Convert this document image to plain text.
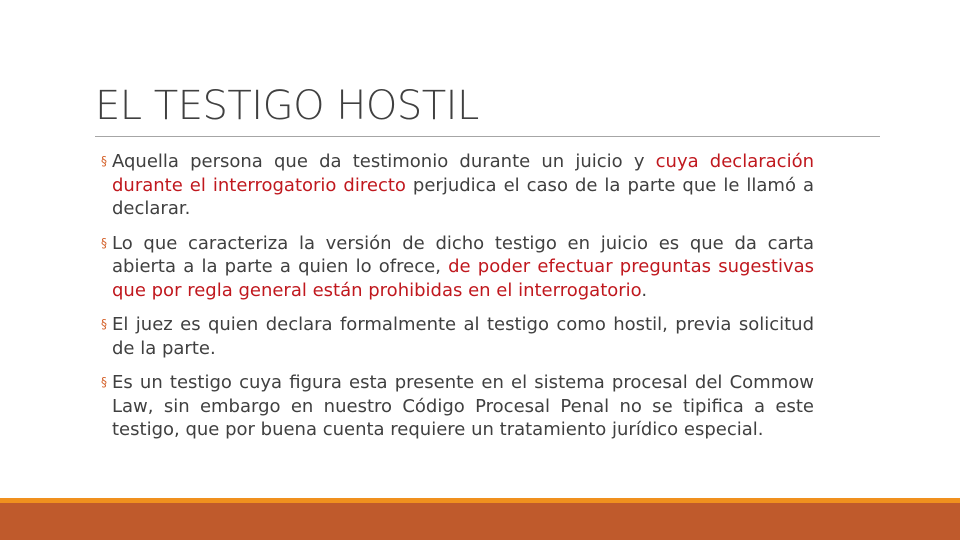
EL TESTIGO HOSTIL
§ Aquella persona que da testimonio durante un juicio y cuya declaración durante el interrogatorio directo perjudica el caso de la parte que le llamó a declarar.
§ Lo que caracteriza la versión de dicho testigo en juicio es que da carta abierta a la parte a quien lo ofrece, de poder efectuar preguntas sugestivas que por regla general están prohibidas en el interrogatorio.
§ El juez es quien declara formalmente al testigo como hostil, previa solicitud de la parte.
§ Es un testigo cuya figura esta presente en el sistema procesal del Commow Law, sin embargo en nuestro Código Procesal Penal no se tipifica a este testigo, que por buena cuenta requiere un tratamiento jurídico especial.
